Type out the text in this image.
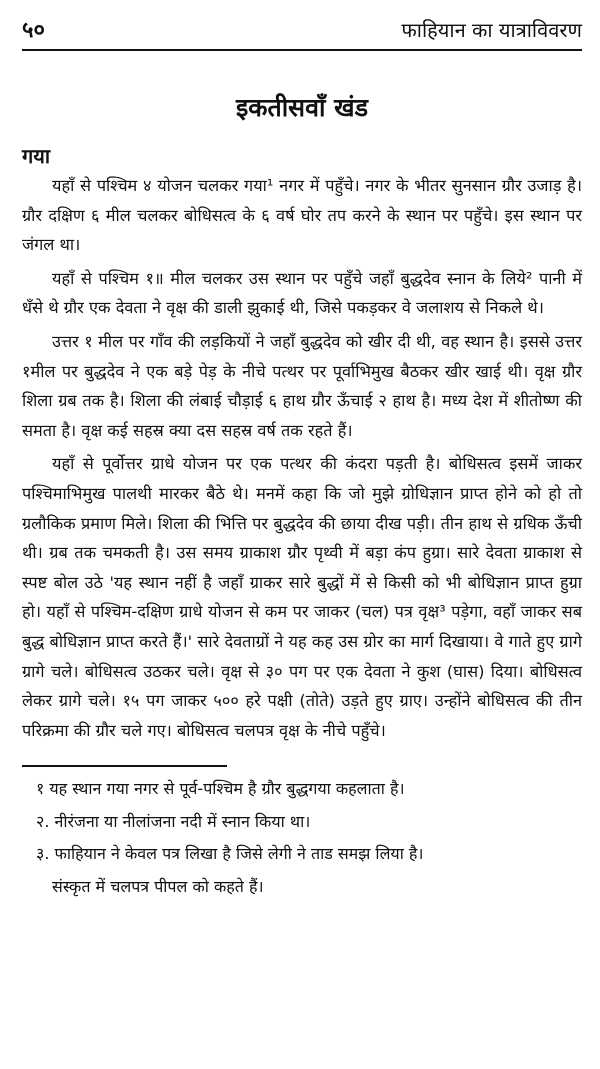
५०	फाहियान का यात्राविवरण
इकतीसवाँ खंड
गया

यहाँ से पश्चिम ४ योजन चलकर गया¹ नगर में पहुँचे। नगर के भीतर सुनसान ग्रौर उजाड़ है। ग्रौर दक्षिण ६ मील चलकर बोधिसत्व के ६ वर्ष घोर तप करने के स्थान पर पहुँचे। इस स्थान पर जंगल था।

यहाँ से पश्चिम १॥ मील चलकर उस स्थान पर पहुँचे जहाँ बुद्धदेव स्नान के लिये² पानी में धँसे थे ग्रौर एक देवता ने वृक्ष की डाली झुकाई थी, जिसे पकड़कर वे जलाशय से निकले थे।

उत्तर १ मील पर गाँव की लड़कियों ने जहाँ बुद्धदेव को खीर दी थी, वह स्थान है। इससे उत्तर १मील पर बुद्धदेव ने एक बड़े पेड़ के नीचे पत्थर पर पूर्वाभिमुख बैठकर खीर खाई थी। वृक्ष ग्रौर शिला ग्रब तक है। शिला की लंबाई चौड़ाई ६ हाथ ग्रौर ऊँचाई २ हाथ है। मध्य देश में शीतोष्ण की समता है। वृक्ष कई सहस्र क्या दस सहस्र वर्ष तक रहते हैं।

यहाँ से पूर्वोत्तर ग्राधे योजन पर एक पत्थर की कंदरा पड़ती है। बोधिसत्व इसमें जाकर पश्चिमाभिमुख पालथी मारकर बैठे थे। मनमें कहा कि जो मुझे ग्रोधिज्ञान प्राप्त होने को हो तो ग्रलौकिक प्रमाण मिले। शिला की भित्ति पर बुद्धदेव की छाया दीख पड़ी। तीन हाथ से ग्रधिक ऊँची थी। ग्रब तक चमकती है। उस समय ग्राकाश ग्रौर पृथ्वी में बड़ा कंप हुग्रा। सारे देवता ग्राकाश से स्पष्ट बोल उठे 'यह स्थान नहीं है जहाँ ग्राकर सारे बुद्धों में से किसी को भी बोधिज्ञान प्राप्त हुग्रा हो। यहाँ से पश्चिम-दक्षिण ग्राधे योजन से कम पर जाकर (चल) पत्र वृक्ष³ पड़ेगा, वहाँ जाकर सब बुद्ध बोधिज्ञान प्राप्त करते हैं।' सारे देवताग्रों ने यह कह उस ग्रोर का मार्ग दिखाया। वे गाते हुए ग्रागे ग्रागे चले। बोधिसत्व उठकर चले। वृक्ष से ३० पग पर एक देवता ने कुश (घास) दिया। बोधिसत्व लेकर ग्रागे चले। १५ पग जाकर ५०० हरे पक्षी (तोते) उड़ते हुए ग्राए। उन्होंने बोधिसत्व की तीन परिक्रमा की ग्रौर चले गए। बोधिसत्व चलपत्र वृक्ष के नीचे पहुँचे।

१ यह स्थान गया नगर से पूर्व-पश्चिम है ग्रौर बुद्धगया कहलाता है।

२. नीरंजना या नीलांजना नदी में स्नान किया था।

३. फाहियान ने केवल पत्र लिखा है जिसे लेगी ने ताड समझ लिया है।

संस्कृत में चलपत्र पीपल को कहते हैं।
